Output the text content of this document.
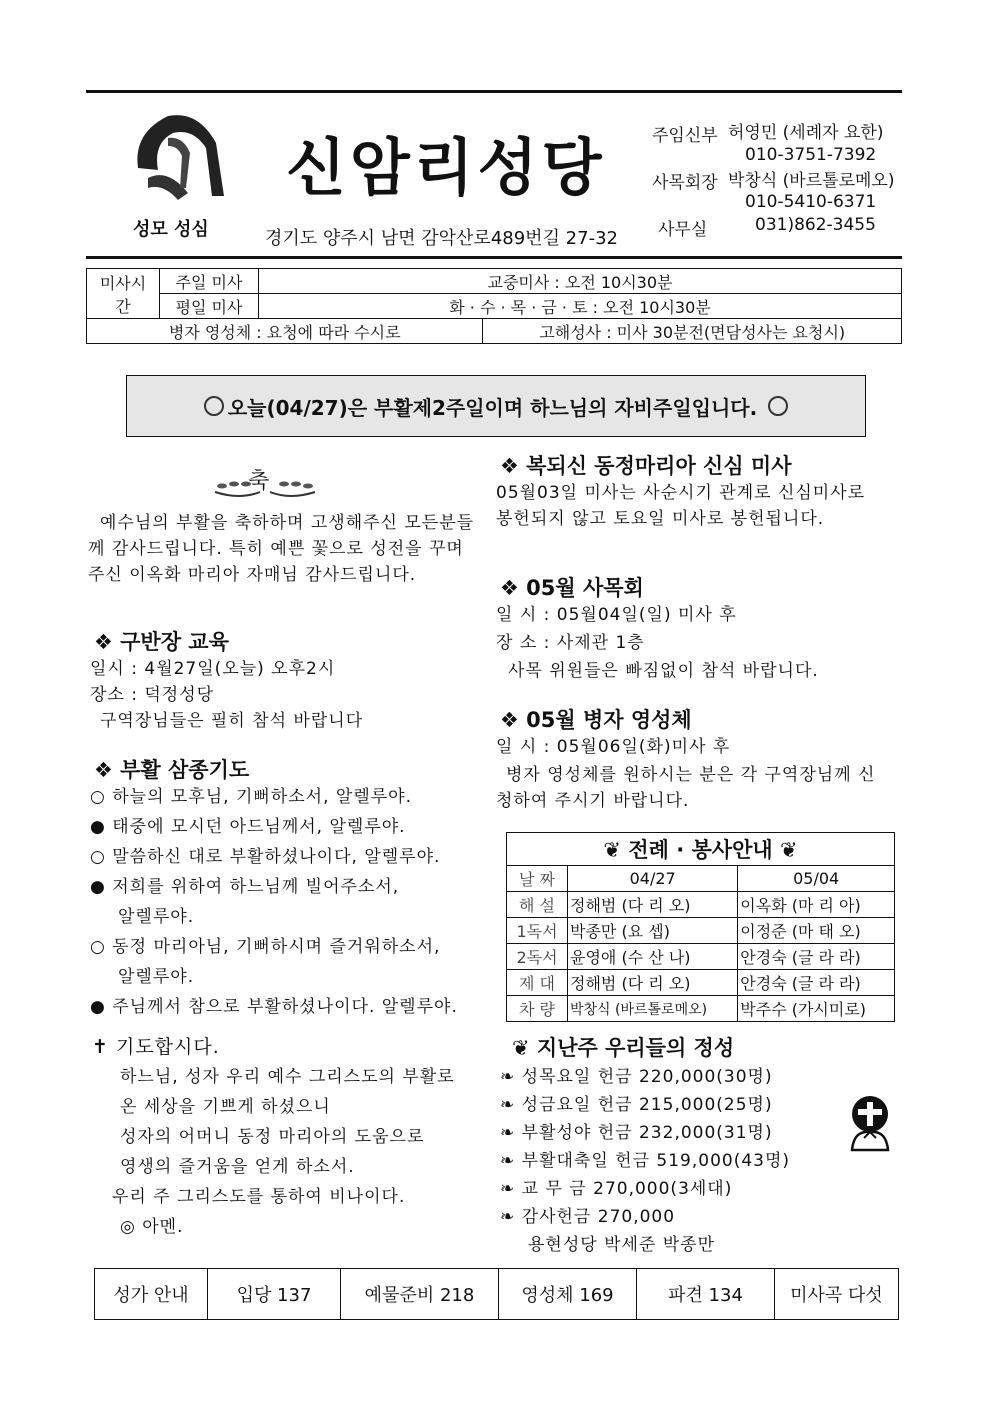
성모 성심
신암리성당
경기도 양주시 남면 감악산로489번길 27-32
주임신부 허영민 (세례자 요한)
010-3751-7392
사목회장 박창식 (바르톨로메오)
010-5410-6371
사무실	031)862-3455
미사시간	주일 미사	교중미사 : 오전 10시30분	
	평일 미사	화 · 수 · 목 · 금 · 토 : 오전 10시30분	
병자 영성체 : 요청에 따라 수시로			고해성사 : 미사 30분전(면담성사는 요청시)
오늘(04/27)은 부활제2주일이며 하느님의 자비주일입니다.
축
예수님의 부활을 축하하며 고생해주신 모든분들께 감사드립니다. 특히 예쁜 꽃으로 성전을 꾸며주신 이옥화 마리아 자매님 감사드립니다.
❖ 구반장 교육
일시 : 4월27일(오늘) 오후2시
장소 : 덕정성당
구역장님들은 필히 참석 바랍니다
❖ 부활 삼종기도
○ 하늘의 모후님, 기뻐하소서, 알렐루야.
● 태중에 모시던 아드님께서, 알렐루야.
○ 말씀하신 대로 부활하셨나이다, 알렐루야.
● 저희를 위하여 하느님께 빌어주소서,
알렐루야.
○ 동정 마리아님, 기뻐하시며 즐거워하소서,
알렐루야.
● 주님께서 참으로 부활하셨나이다. 알렐루야.
✝ 기도합시다.
하느님, 성자 우리 예수 그리스도의 부활로
온 세상을 기쁘게 하셨으니
성자의 어머니 동정 마리아의 도움으로
영생의 즐거움을 얻게 하소서.
우리 주 그리스도를 통하여 비나이다.
◎ 아멘.
❖ 복되신 동정마리아 신심 미사
05월03일 미사는 사순시기 관계로 신심미사로 봉헌되지 않고 토요일 미사로 봉헌됩니다.
❖ 05월 사목회
일 시 : 05월04일(일) 미사 후
장 소 : 사제관 1층
사목 위원들은 빠짐없이 참석 바랍니다.
❖ 05월 병자 영성체
일 시 : 05월06일(화)미사 후
병자 영성체를 원하시는 분은 각 구역장님께 신청하여 주시기 바랍니다.
❦ 전례 · 봉사안내 ❦		
날 짜	04/27	05/04
해 설	정해범 (다 리 오)	이옥화 (마 리 아)
1독서	박종만 (요 셉)	이정준 (마 태 오)
2독서	윤영애 (수 산 나)	안경숙 (글 라 라)
제 대	정해범 (다 리 오)	안경숙 (글 라 라)
차 량	박창식 (바르톨로메오)	박주수 (가시미로)
❦ 지난주 우리들의 정성
❧ 성목요일 헌금 220,000(30명)
❧ 성금요일 헌금 215,000(25명)
❧ 부활성야 헌금 232,000(31명)
❧ 부활대축일 헌금 519,000(43명)
❧ 교 무 금 270,000(3세대)
❧ 감사헌금 270,000
용현성당 박세준 박종만
성가 안내	입당 137	예물준비 218	영성체 169	파견 134	미사곡 다섯
